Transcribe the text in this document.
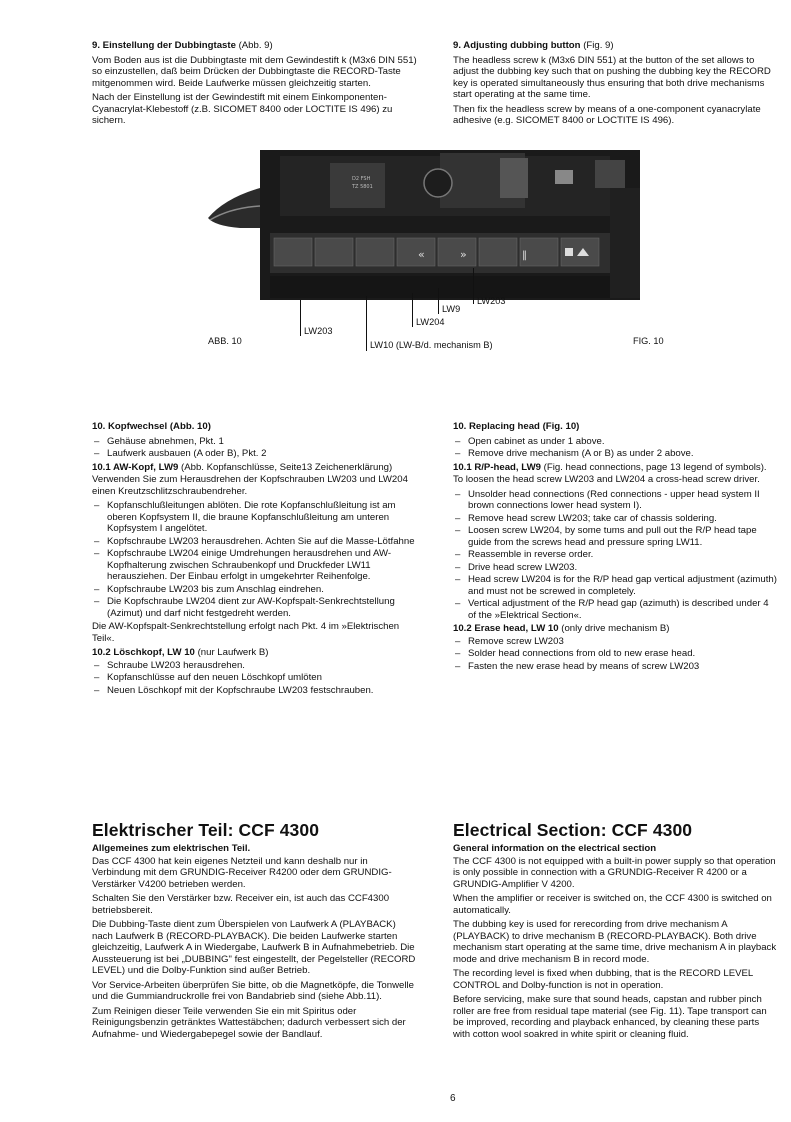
9. Einstellung der Dubbingtaste (Abb. 9)

Vom Boden aus ist die Dubbingtaste mit dem Gewindestift k (M3x6 DIN 551) so einzustellen, daß beim Drücken der Dubbingtaste die RECORD-Taste mitgenommen wird. Beide Laufwerke müssen gleichzeitig starten.

Nach der Einstellung ist der Gewindestift mit einem Einkomponenten-Cyanacrylat-Klebestoff (z.B. SICOMET 8400 oder LOCTITE IS 496) zu sichern.

9. Adjusting dubbing button (Fig. 9)

The headless screw k (M3x6 DIN 551) at the button of the set allows to adjust the dubbing key such that on pushing the dubbing key the RECORD key is operated simultaneously thus ensuring that both drive mechanisms start operating at the same time.

Then fix the headless screw by means of a one-component cyanacrylate adhesive (e.g. SICOMET 8400 or LOCTITE IS 496).

«	»	‖
D2 FSH
TZ 5801
LW203
LW9
LW204
LW203
LW10 (LW-B/d. mechanism B)
ABB. 10	FIG. 10
10. Kopfwechsel (Abb. 10)
– Gehäuse abnehmen, Pkt. 1
– Laufwerk ausbauen (A oder B), Pkt. 2
10.1 AW-Kopf, LW9 (Abb. Kopfanschlüsse, Seite13 Zeichenerklärung)

Verwenden Sie zum Herausdrehen der Kopfschrauben LW203 und LW204 einen Kreutzschlitzschraubendreher.

– Kopfanschlußleitungen ablöten. Die rote Kopfanschlußleitung ist am oberen Kopfsystem II, die braune Kopfanschlußleitung am unteren Kopfsystem I angelötet.
– Kopfschraube LW203 herausdrehen. Achten Sie auf die Masse-Lötfahne
– Kopfschraube LW204 einige Umdrehungen herausdrehen und AW-Kopfhalterung zwischen Schraubenkopf und Druckfeder LW11 herausziehen. Der Einbau erfolgt in umgekehrter Reihenfolge.
– Kopfschraube LW203 bis zum Anschlag eindrehen.
– Die Kopfschraube LW204 dient zur AW-Kopfspalt-Senkrechtstellung (Azimut) und darf nicht festgedreht werden.

Die AW-Kopfspalt-Senkrechtstellung erfolgt nach Pkt. 4 im »Elektrischen Teil«.

10.2 Löschkopf, LW 10 (nur Laufwerk B)
– Schraube LW203 herausdrehen.
– Kopfanschlüsse auf den neuen Löschkopf umlöten
– Neuen Löschkopf mit der Kopfschraube LW203 festschrauben.
10. Replacing head (Fig. 10)
– Open cabinet as under 1 above.
– Remove drive mechanism (A or B) as under 2 above.
10.1 R/P-head, LW9 (Fig. head connections, page 13 legend of symbols).

To loosen the head screw LW203 and LW204 a cross-head screw driver.

– Unsolder head connections (Red connections - upper head system II brown connections lower head system I).
– Remove head screw LW203; take car of chassis soldering.
– Loosen screw LW204, by some tums and pull out the R/P head tape guide from the screws head and pressure spring LW11.
– Reassemble in reverse order.
– Drive head screw LW203.
– Head screw LW204 is for the R/P head gap vertical adjustment (azimuth) and must not be screwed in completely.
– Vertical adjustment of the R/P head gap (azimuth) is described under 4 of the »Elektrical Section«.
10.2 Erase head, LW 10 (only drive mechanism B)
– Remove screw LW203
– Solder head connections from old to new erase head.
– Fasten the new erase head by means of screw LW203
Elektrischer Teil: CCF 4300
Allgemeines zum elektrischen Teil.

Das CCF 4300 hat kein eigenes Netzteil und kann deshalb nur in Verbindung mit dem GRUNDIG-Receiver R4200 oder dem GRUNDIG-Verstärker V4200 betrieben werden.

Schalten Sie den Verstärker bzw. Receiver ein, ist auch das CCF4300 betriebsbereit.

Die Dubbing-Taste dient zum Überspielen von Laufwerk A (PLAYBACK) nach Laufwerk B (RECORD-PLAYBACK). Die beiden Laufwerke starten gleichzeitig, Laufwerk A in Wiedergabe, Laufwerk B in Aufnahmebetrieb. Die Aussteuerung ist bei „DUBBING" fest eingestellt, der Pegelsteller (RECORD LEVEL) und die Dolby-Funktion sind außer Betrieb.

Vor Service-Arbeiten überprüfen Sie bitte, ob die Magnetköpfe, die Tonwelle und die Gummiandruckrolle frei von Bandabrieb sind (siehe Abb.11).

Zum Reinigen dieser Teile verwenden Sie ein mit Spiritus oder Reinigungsbenzin getränktes Wattestäbchen; dadurch verbessert sich der Aufnahme- und Wiedergabepegel sowie der Bandlauf.

Electrical Section: CCF 4300
General information on the electrical section

The CCF 4300 is not equipped with a built-in power supply so that operation is only possible in connection with a GRUNDIG-Receiver R 4200 or a GRUNDIG-Amplifier V 4200.

When the amplifier or receiver is switched on, the CCF 4300 is switched on automatically.

The dubbing key is used for rerecording from drive mechanism A (PLAYBACK) to drive mechanism B (RECORD-PLAYBACK). Both drive mechanism start operating at the same time, drive mechanism A in playback mode and drive mechanism B in record mode.

The recording level is fixed when dubbing, that is the RECORD LEVEL CONTROL and Dolby-function is not in operation.

Before servicing, make sure that sound heads, capstan and rubber pinch roller are free from residual tape material (see Fig. 11). Tape transport can be improved, recording and playback enhanced, by cleaning these parts with cotton wool soakred in white spirit or cleaning fluid.

6
